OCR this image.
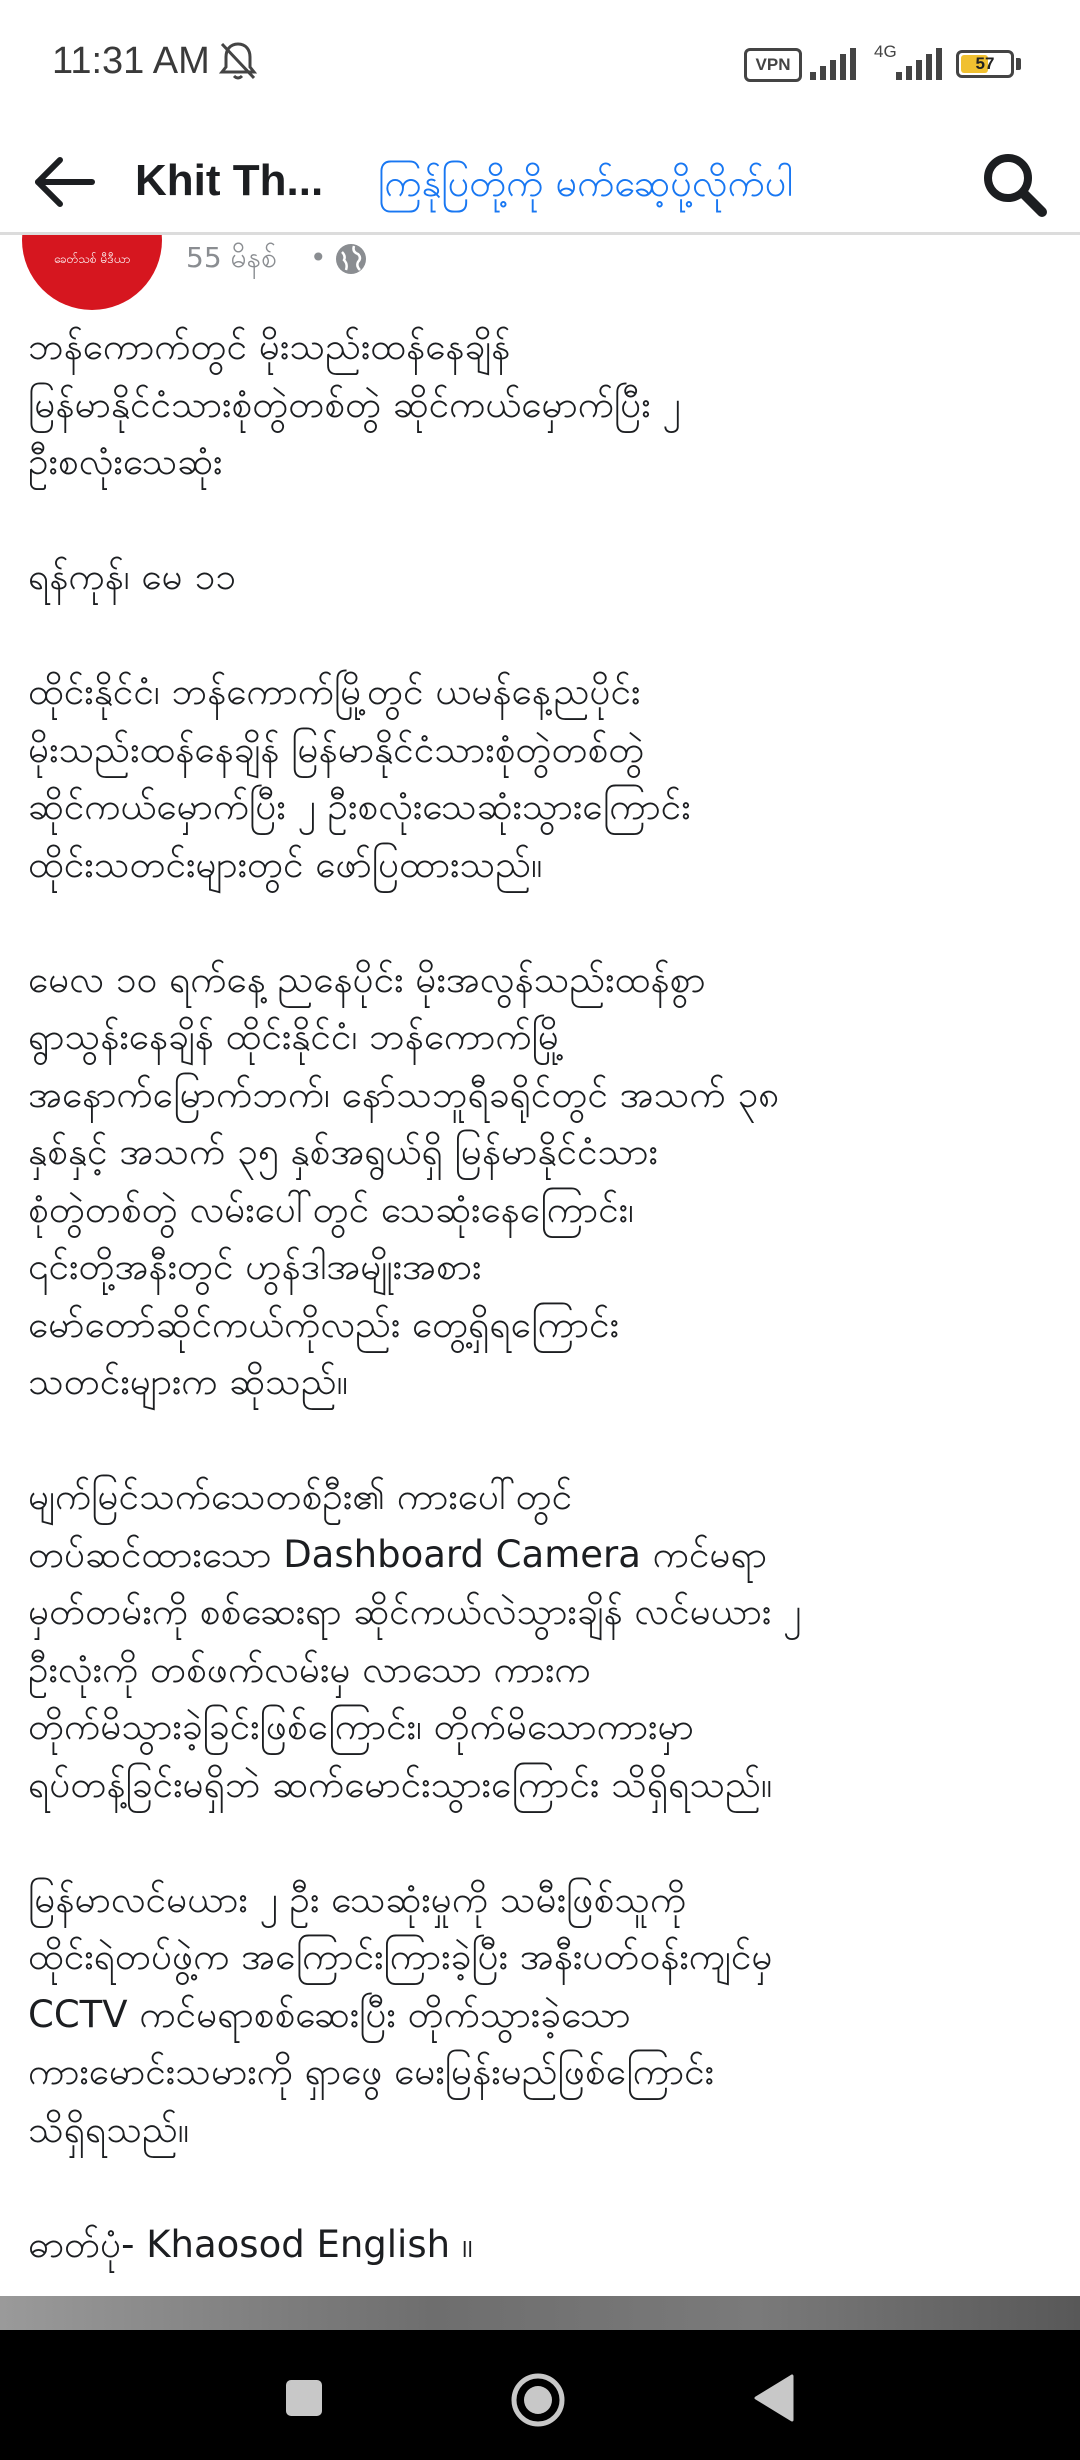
11:31 AM	VPN
4G
57
Khit Th...	ကြန်ုပြတို့ကို မက်ဆေ့ပို့လိုက်ပါ
ခေတ်သစ် မီဒီယာ	55 မိနစ် •

ဘန်ကောက်တွင် မိုးသည်းထန်နေချိန်

မြန်မာနိုင်ငံသားစုံတွဲတစ်တွဲ ဆိုင်ကယ်မှောက်ပြီး ၂

ဦးစလုံးသေဆုံး

ရန်ကုန်၊ မေ ၁၁

ထိုင်းနိုင်ငံ၊ ဘန်ကောက်မြို့တွင် ယမန်နေ့ညပိုင်း

မိုးသည်းထန်နေချိန် မြန်မာနိုင်ငံသားစုံတွဲတစ်တွဲ

ဆိုင်ကယ်မှောက်ပြီး ၂ ဦးစလုံးသေဆုံးသွားကြောင်း

ထိုင်းသတင်းများတွင် ဖော်ပြထားသည်။

မေလ ၁၀ ရက်နေ့ ညနေပိုင်း မိုးအလွန်သည်းထန်စွာ

ရွာသွန်းနေချိန် ထိုင်းနိုင်ငံ၊ ဘန်ကောက်မြို့

အနောက်မြောက်ဘက်၊ နော်သဘူရီခရိုင်တွင် အသက် ၃၈

နှစ်နှင့် အသက် ၃၅ နှစ်အရွယ်ရှိ မြန်မာနိုင်ငံသား

စုံတွဲတစ်တွဲ လမ်းပေါ်တွင် သေဆုံးနေကြောင်း၊

၎င်းတို့အနီးတွင် ဟွန်ဒါအမျိုးအစား

မော်တော်ဆိုင်ကယ်ကိုလည်း တွေ့ရှိရကြောင်း

သတင်းများက ဆိုသည်။

မျက်မြင်သက်သေတစ်ဦး၏ ကားပေါ်တွင်

တပ်ဆင်ထားသော Dashboard Camera ကင်မရာ

မှတ်တမ်းကို စစ်ဆေးရာ ဆိုင်ကယ်လဲသွားချိန် လင်မယား ၂

ဦးလုံးကို တစ်ဖက်လမ်းမှ လာသော ကားက

တိုက်မိသွားခဲ့ခြင်းဖြစ်ကြောင်း၊ တိုက်မိသောကားမှာ

ရပ်တန့်ခြင်းမရှိဘဲ ဆက်မောင်းသွားကြောင်း သိရှိရသည်။

မြန်မာလင်မယား ၂ ဦး သေဆုံးမှုကို သမီးဖြစ်သူကို

ထိုင်းရဲတပ်ဖွဲ့က အကြောင်းကြားခဲ့ပြီး အနီးပတ်ဝန်းကျင်မှ

CCTV ကင်မရာစစ်ဆေးပြီး တိုက်သွားခဲ့သော

ကားမောင်းသမားကို ရှာဖွေ မေးမြန်းမည်ဖြစ်ကြောင်း

သိရှိရသည်။

ဓာတ်ပုံ- Khaosod English ။
